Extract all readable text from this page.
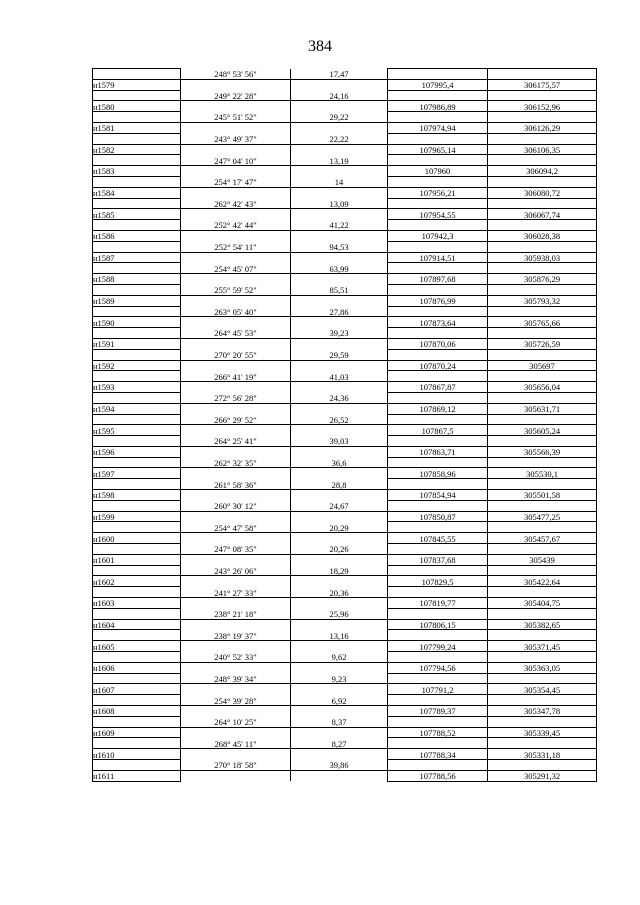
384
	248° 53' 56"	17,47		
н1579			107995,4	306175,57
	249° 22' 28"	24,16		
н1580			107986,89	306152,96
	245° 51' 52"	29,22		
н1581			107974,94	306126,29
	243° 49' 37"	22,22		
н1582			107965,14	306106,35
	247° 04' 10"	13,19		
н1583			107960	306094,2
	254° 17' 47"	14		
н1584			107956,21	306080,72
	262° 42' 43"	13,09		
н1585			107954,55	306067,74
	252° 42' 44"	41,22		
н1586			107942,3	306028,38
	252° 54' 11"	94,53		
н1587			107914,51	305938,03
	254° 45' 07"	63,99		
н1588			107897,68	305876,29
	255° 59' 52"	85,51		
н1589			107876,99	305793,32
	263° 05' 40"	27,86		
н1590			107873,64	305765,66
	264° 45' 53"	39,23		
н1591			107870,06	305726,59
	270° 20' 55"	29,59		
н1592			107870,24	305697
	266° 41' 19"	41,03		
н1593			107867,87	305656,04
	272° 56' 28"	24,36		
н1594			107869,12	305631,71
	266° 29' 52"	26,52		
н1595			107867,5	305605,24
	264° 25' 41"	39,03		
н1596			107863,71	305566,39
	262° 32' 35"	36,6		
н1597			107858,96	305530,1
	261° 58' 36"	28,8		
н1598			107854,94	305501,58
	260° 30' 12"	24,67		
н1599			107850,87	305477,25
	254° 47' 58"	20,29		
н1600			107845,55	305457,67
	247° 08' 35"	20,26		
н1601			107837,68	305439
	243° 26' 06"	18,29		
н1602			107829,5	305422,64
	241° 27' 33"	20,36		
н1603			107819,77	305404,75
	238° 21' 18"	25,96		
н1604			107806,15	305382,65
	238° 19' 37"	13,16		
н1605			107799,24	305371,45
	240° 52' 33"	9,62		
н1606			107794,56	305363,05
	248° 39' 34"	9,23		
н1607			107791,2	305354,45
	254° 39' 28"	6,92		
н1608			107789,37	305347,78
	264° 10' 25"	8,37		
н1609			107788,52	305339,45
	268° 45' 11"	8,27		
н1610			107788,34	305331,18
	270° 18' 58"	39,86		
н1611			107788,56	305291,32
